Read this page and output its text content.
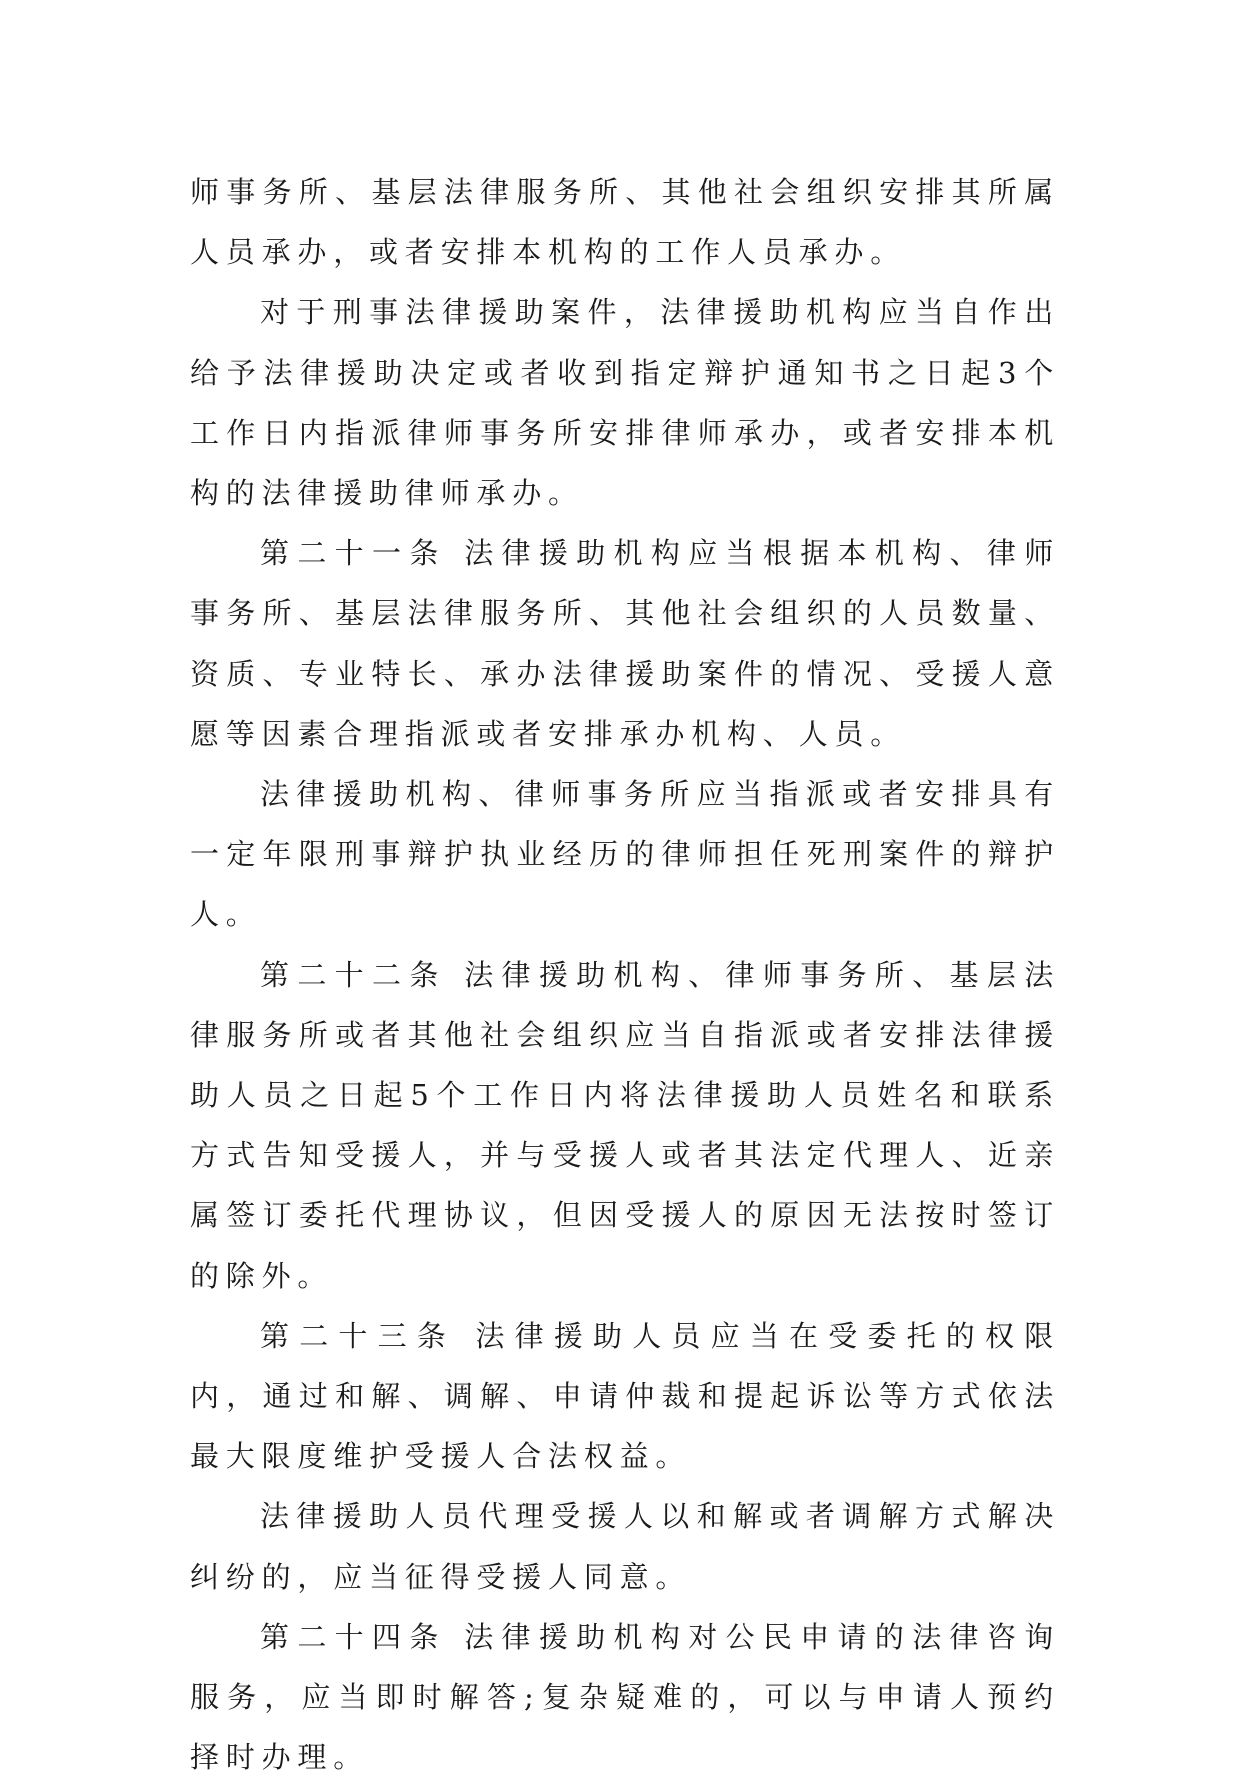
师事务所、基层法律服务所、其他社会组织安排其所属人员承办，或者安排本机构的工作人员承办。

对于刑事法律援助案件，法律援助机构应当自作出给予法律援助决定或者收到指定辩护通知书之日起3个工作日内指派律师事务所安排律师承办，或者安排本机构的法律援助律师承办。

第二十一条 法律援助机构应当根据本机构、律师事务所、基层法律服务所、其他社会组织的人员数量、资质、专业特长、承办法律援助案件的情况、受援人意愿等因素合理指派或者安排承办机构、人员。

法律援助机构、律师事务所应当指派或者安排具有一定年限刑事辩护执业经历的律师担任死刑案件的辩护人。

第二十二条 法律援助机构、律师事务所、基层法律服务所或者其他社会组织应当自指派或者安排法律援助人员之日起5个工作日内将法律援助人员姓名和联系方式告知受援人，并与受援人或者其法定代理人、近亲属签订委托代理协议，但因受援人的原因无法按时签订的除外。

第二十三条 法律援助人员应当在受委托的权限内，通过和解、调解、申请仲裁和提起诉讼等方式依法最大限度维护受援人合法权益。

法律援助人员代理受援人以和解或者调解方式解决纠纷的，应当征得受援人同意。

第二十四条 法律援助机构对公民申请的法律咨询服务，应当即时解答;复杂疑难的，可以与申请人预约择时办理。
